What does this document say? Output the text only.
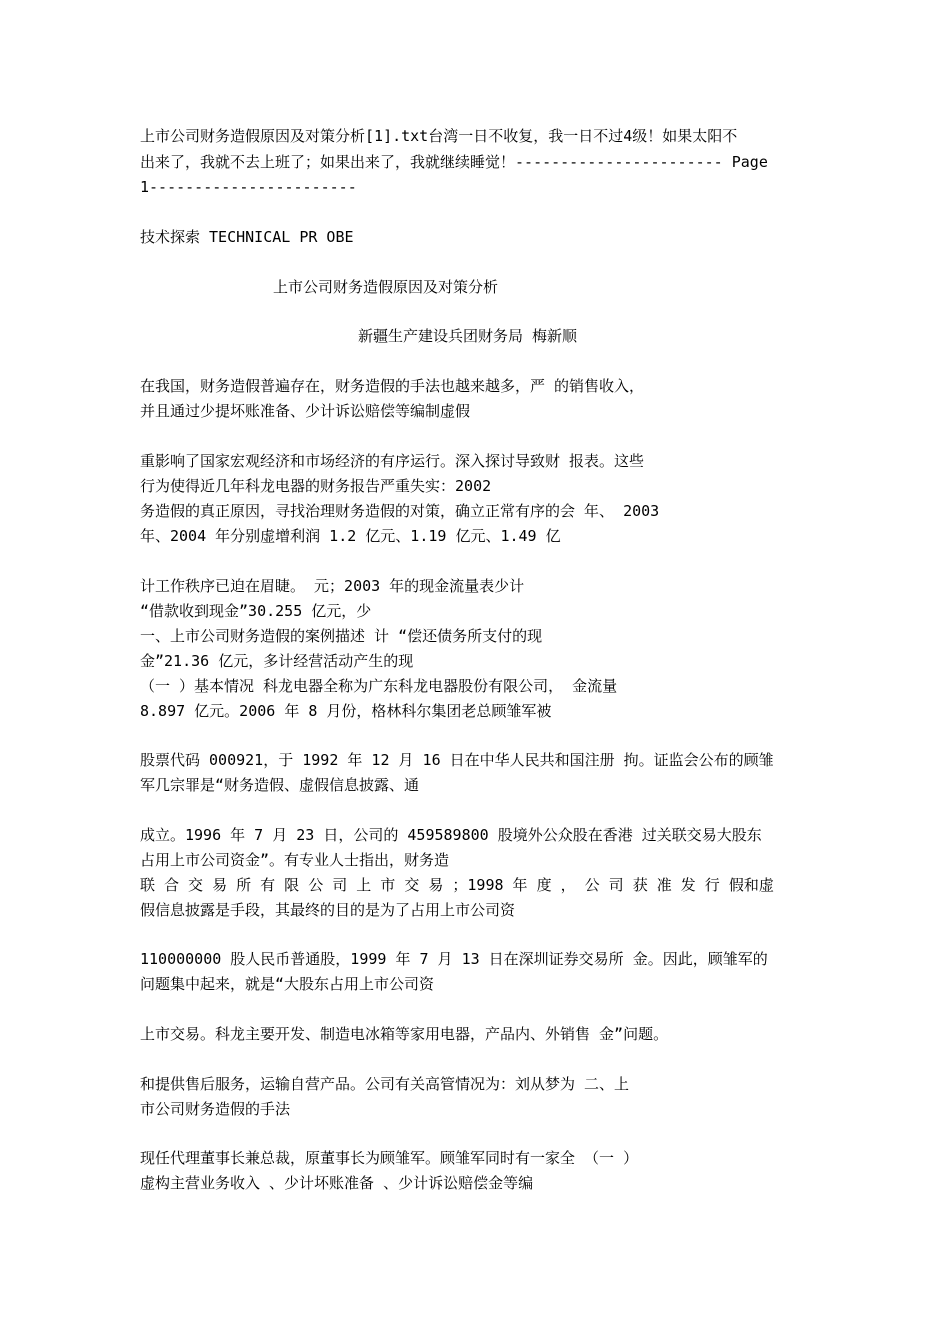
上市公司财务造假原因及对策分析[1].txt台湾一日不收复，我一日不过4级！如果太阳不

出来了，我就不去上班了；如果出来了，我就继续睡觉！----------------------- Page

1-----------------------

技术探索 TECHNICAL PR OBE

上市公司财务造假原因及对策分析

新疆生产建设兵团财务局 梅新顺

在我国，财务造假普遍存在，财务造假的手法也越来越多，严 的销售收入，

并且通过少提坏账准备、少计诉讼赔偿等编制虚假

重影响了国家宏观经济和市场经济的有序运行。深入探讨导致财 报表。这些

行为使得近几年科龙电器的财务报告严重失实：2002

务造假的真正原因，寻找治理财务造假的对策，确立正常有序的会 年、 2003

年、2004 年分别虚增利润 1.2 亿元、1.19 亿元、1.49 亿

计工作秩序已迫在眉睫。 元；2003 年的现金流量表少计

“借款收到现金”30.255 亿元，少

一、上市公司财务造假的案例描述 计 “偿还债务所支付的现

金”21.36 亿元，多计经营活动产生的现

（一 ）基本情况 科龙电器全称为广东科龙电器股份有限公司， 金流量

8.897 亿元。2006 年 8 月份，格林科尔集团老总顾雏军被

股票代码 000921，于 1992 年 12 月 16 日在中华人民共和国注册 拘。证监会公布的顾雏

军几宗罪是“财务造假、虚假信息披露、通

成立。1996 年 7 月 23 日，公司的 459589800 股境外公众股在香港 过关联交易大股东

占用上市公司资金”。有专业人士指出，财务造

联 合 交 易 所 有 限 公 司 上 市 交 易 ；1998 年 度 ， 公 司 获 准 发 行 假和虚

假信息披露是手段，其最终的目的是为了占用上市公司资

110000000 股人民币普通股，1999 年 7 月 13 日在深圳证券交易所 金。因此，顾雏军的

问题集中起来，就是“大股东占用上市公司资

上市交易。科龙主要开发、制造电冰箱等家用电器，产品内、外销售 金”问题。

和提供售后服务，运输自营产品。公司有关高管情况为：刘从梦为 二、上

市公司财务造假的手法

现任代理董事长兼总裁，原董事长为顾雏军。顾雏军同时有一家全 （一 ）

虚构主营业务收入 、少计坏账准备 、少计诉讼赔偿金等编
